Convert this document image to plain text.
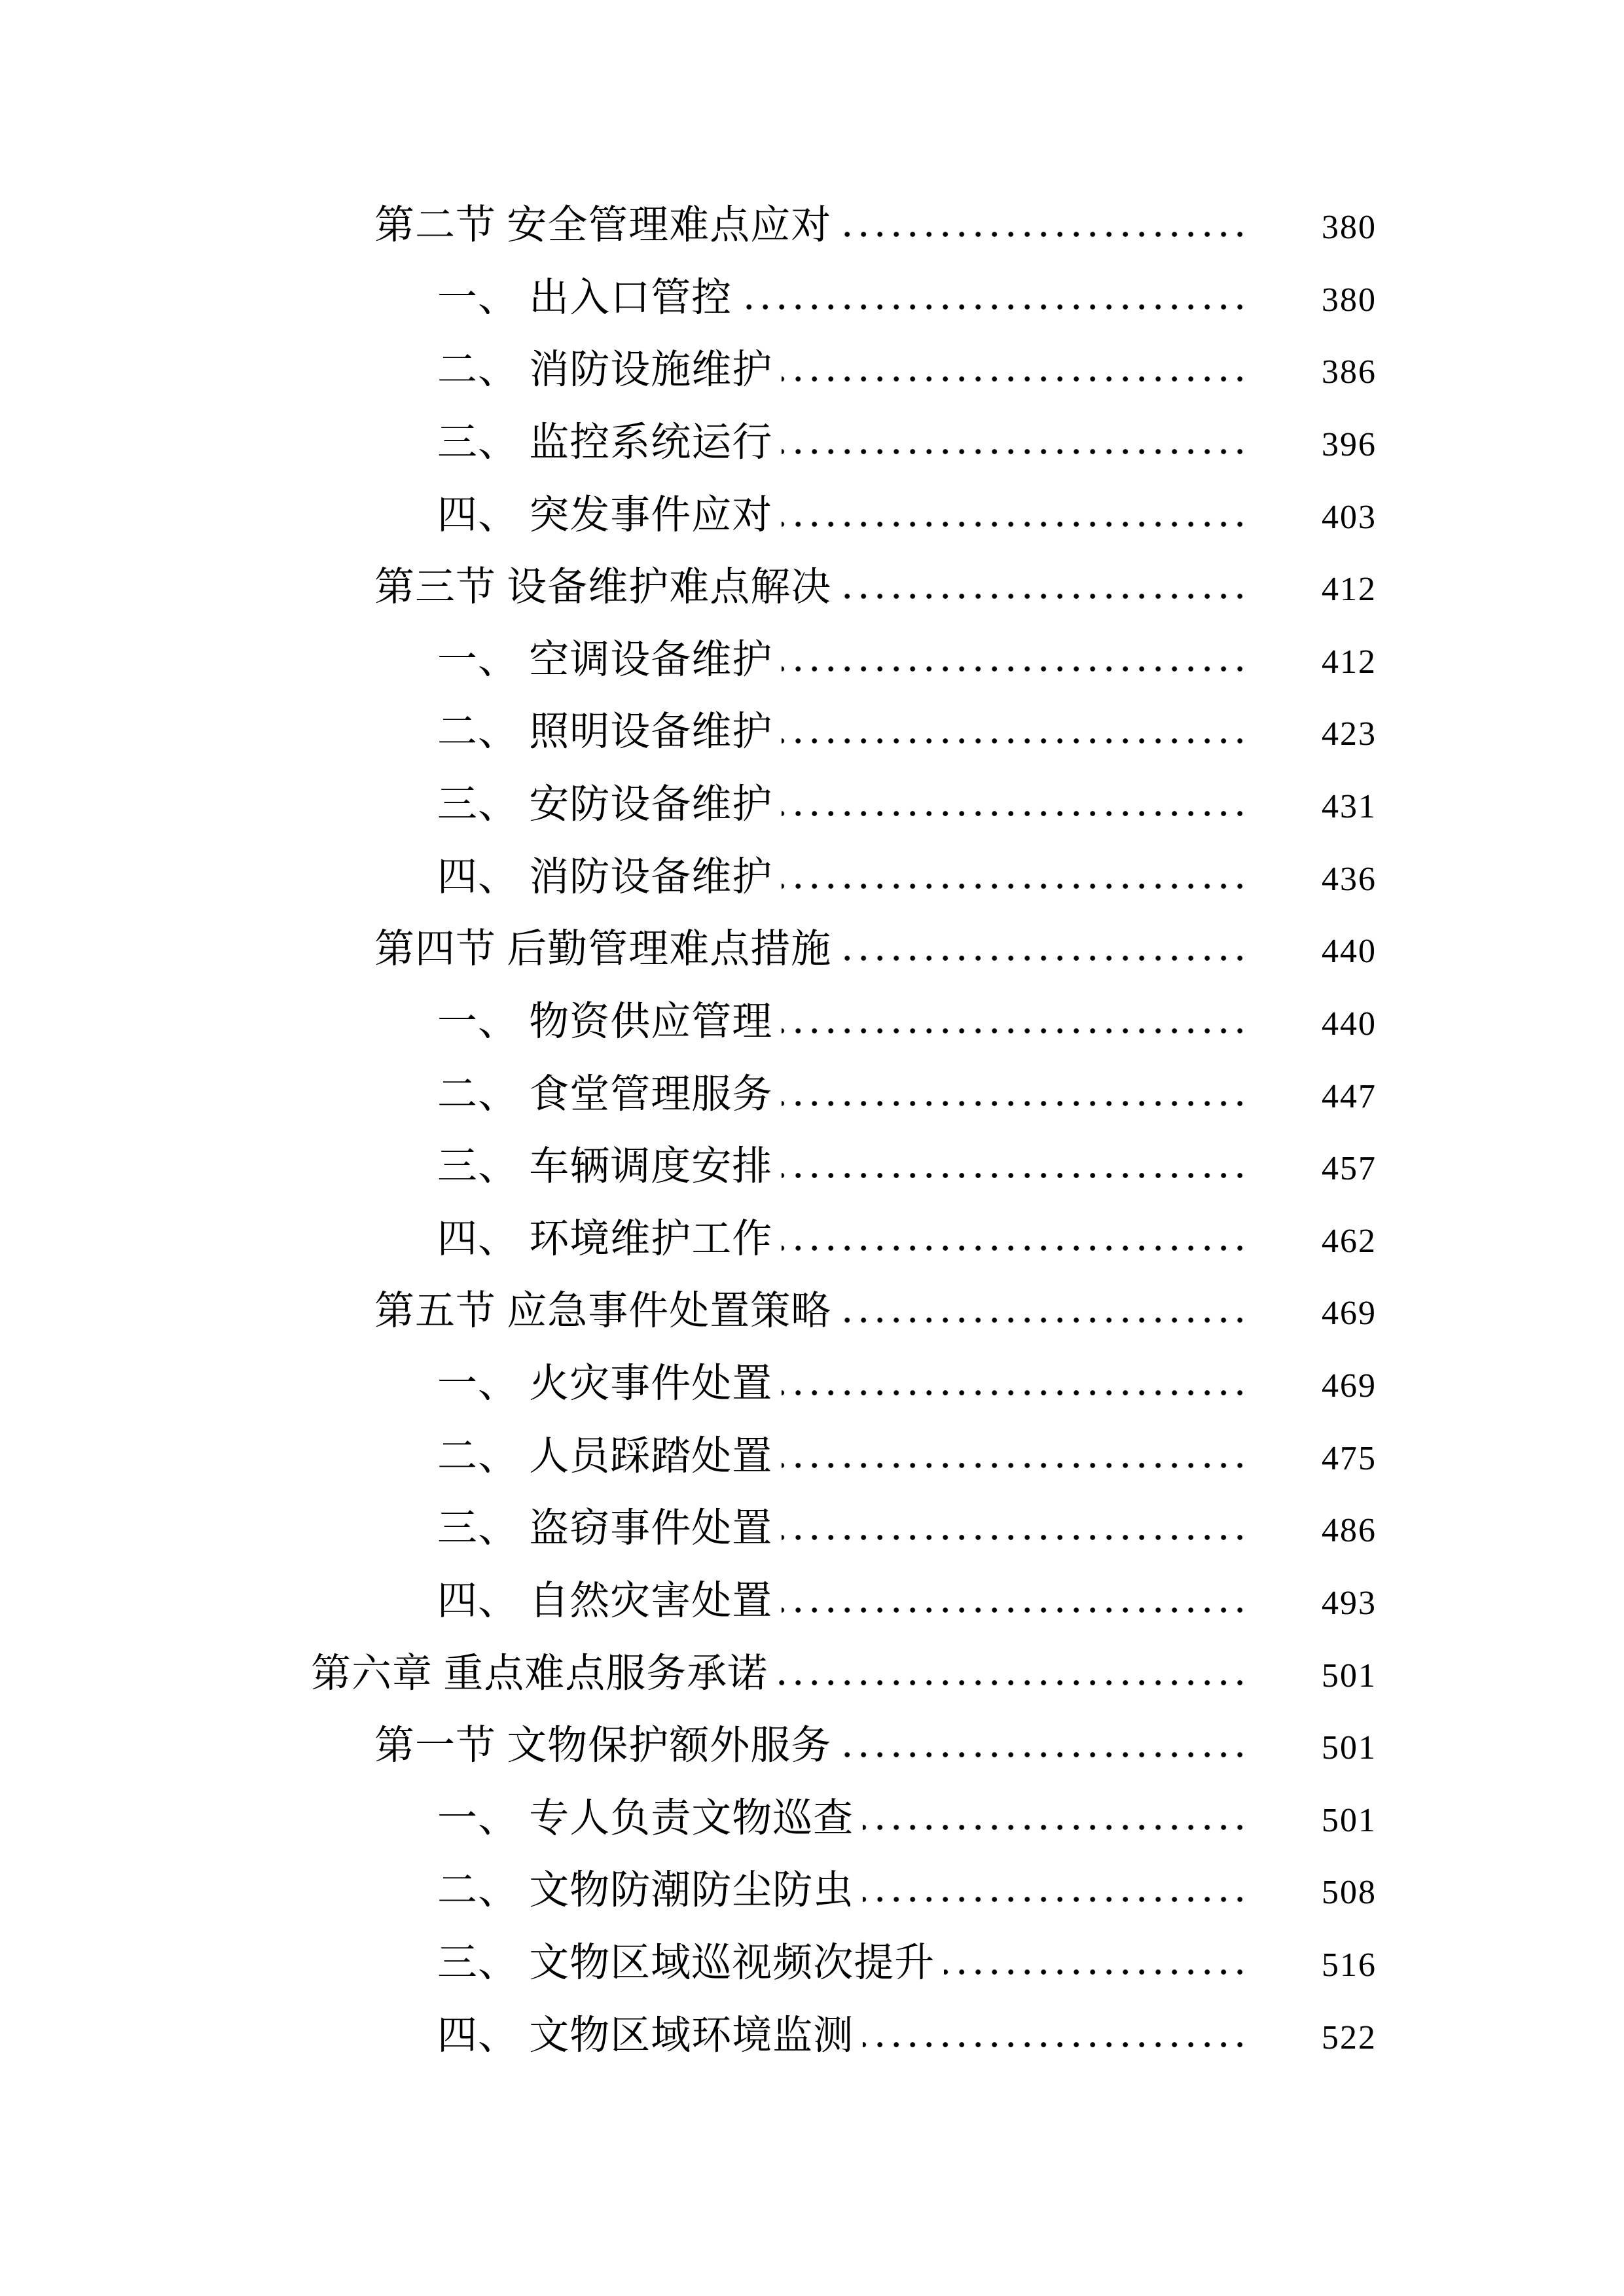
第二节 安全管理难点应对	380
一、 出入口管控	380
二、 消防设施维护	386
三、 监控系统运行	396
四、 突发事件应对	403
第三节 设备维护难点解决	412
一、 空调设备维护	412
二、 照明设备维护	423
三、 安防设备维护	431
四、 消防设备维护	436
第四节 后勤管理难点措施	440
一、 物资供应管理	440
二、 食堂管理服务	447
三、 车辆调度安排	457
四、 环境维护工作	462
第五节 应急事件处置策略	469
一、 火灾事件处置	469
二、 人员踩踏处置	475
三、 盗窃事件处置	486
四、 自然灾害处置	493
第六章 重点难点服务承诺	501
第一节 文物保护额外服务	501
一、 专人负责文物巡查	501
二、 文物防潮防尘防虫	508
三、 文物区域巡视频次提升	516
四、 文物区域环境监测	522
